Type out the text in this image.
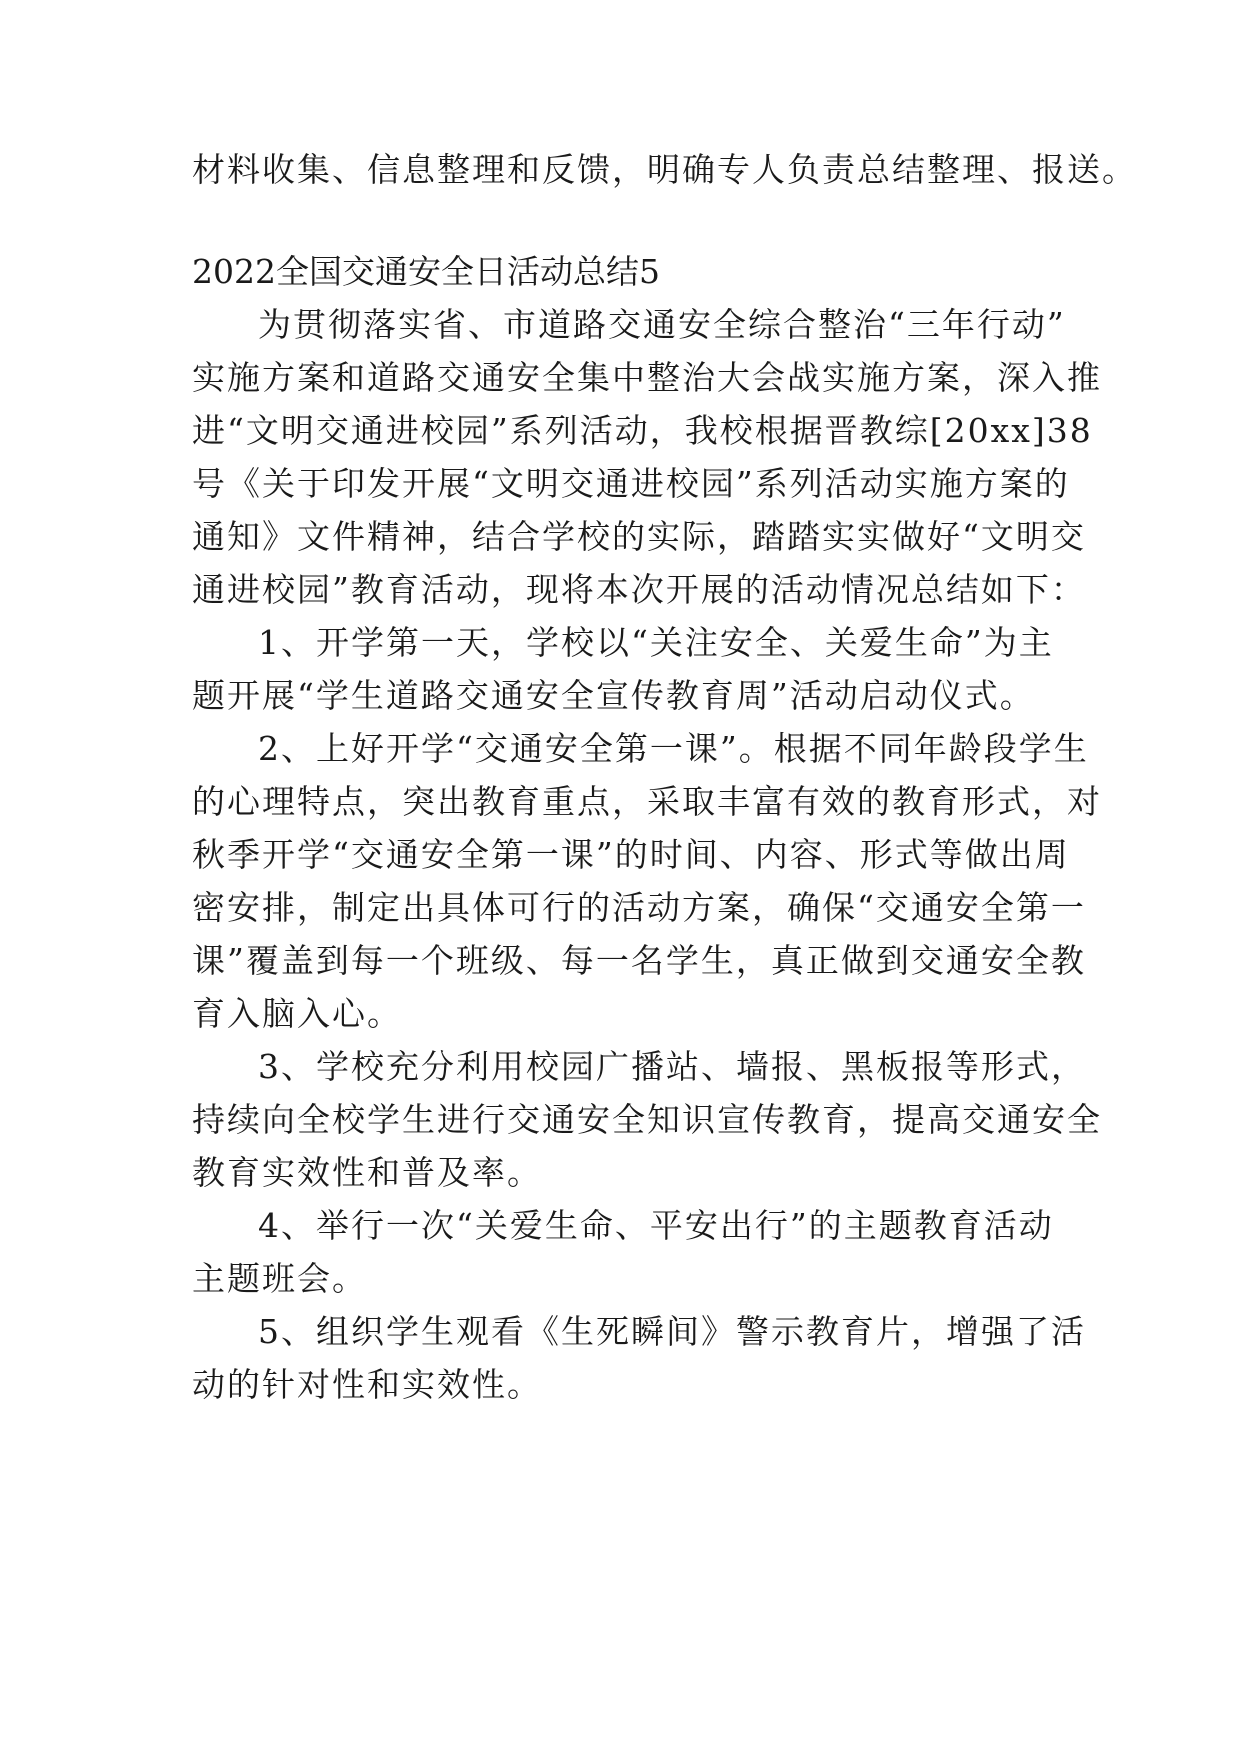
材料收集、信息整理和反馈，明确专人负责总结整理、报送。
2022全国交通安全日活动总结5
为贯彻落实省、市道路交通安全综合整治“三年行动”
实施方案和道路交通安全集中整治大会战实施方案，深入推
进“文明交通进校园”系列活动，我校根据晋教综[20xx]38
号《关于印发开展“文明交通进校园”系列活动实施方案的
通知》文件精神，结合学校的实际，踏踏实实做好“文明交
通进校园”教育活动，现将本次开展的活动情况总结如下：
1、开学第一天，学校以“关注安全、关爱生命”为主
题开展“学生道路交通安全宣传教育周”活动启动仪式。
2、上好开学“交通安全第一课”。根据不同年龄段学生
的心理特点，突出教育重点，采取丰富有效的教育形式，对
秋季开学“交通安全第一课”的时间、内容、形式等做出周
密安排，制定出具体可行的活动方案，确保“交通安全第一
课”覆盖到每一个班级、每一名学生，真正做到交通安全教
育入脑入心。
3、学校充分利用校园广播站、墙报、黑板报等形式，
持续向全校学生进行交通安全知识宣传教育，提高交通安全
教育实效性和普及率。
4、举行一次“关爱生命、平安出行”的主题教育活动
主题班会。
5、组织学生观看《生死瞬间》警示教育片，增强了活
动的针对性和实效性。
